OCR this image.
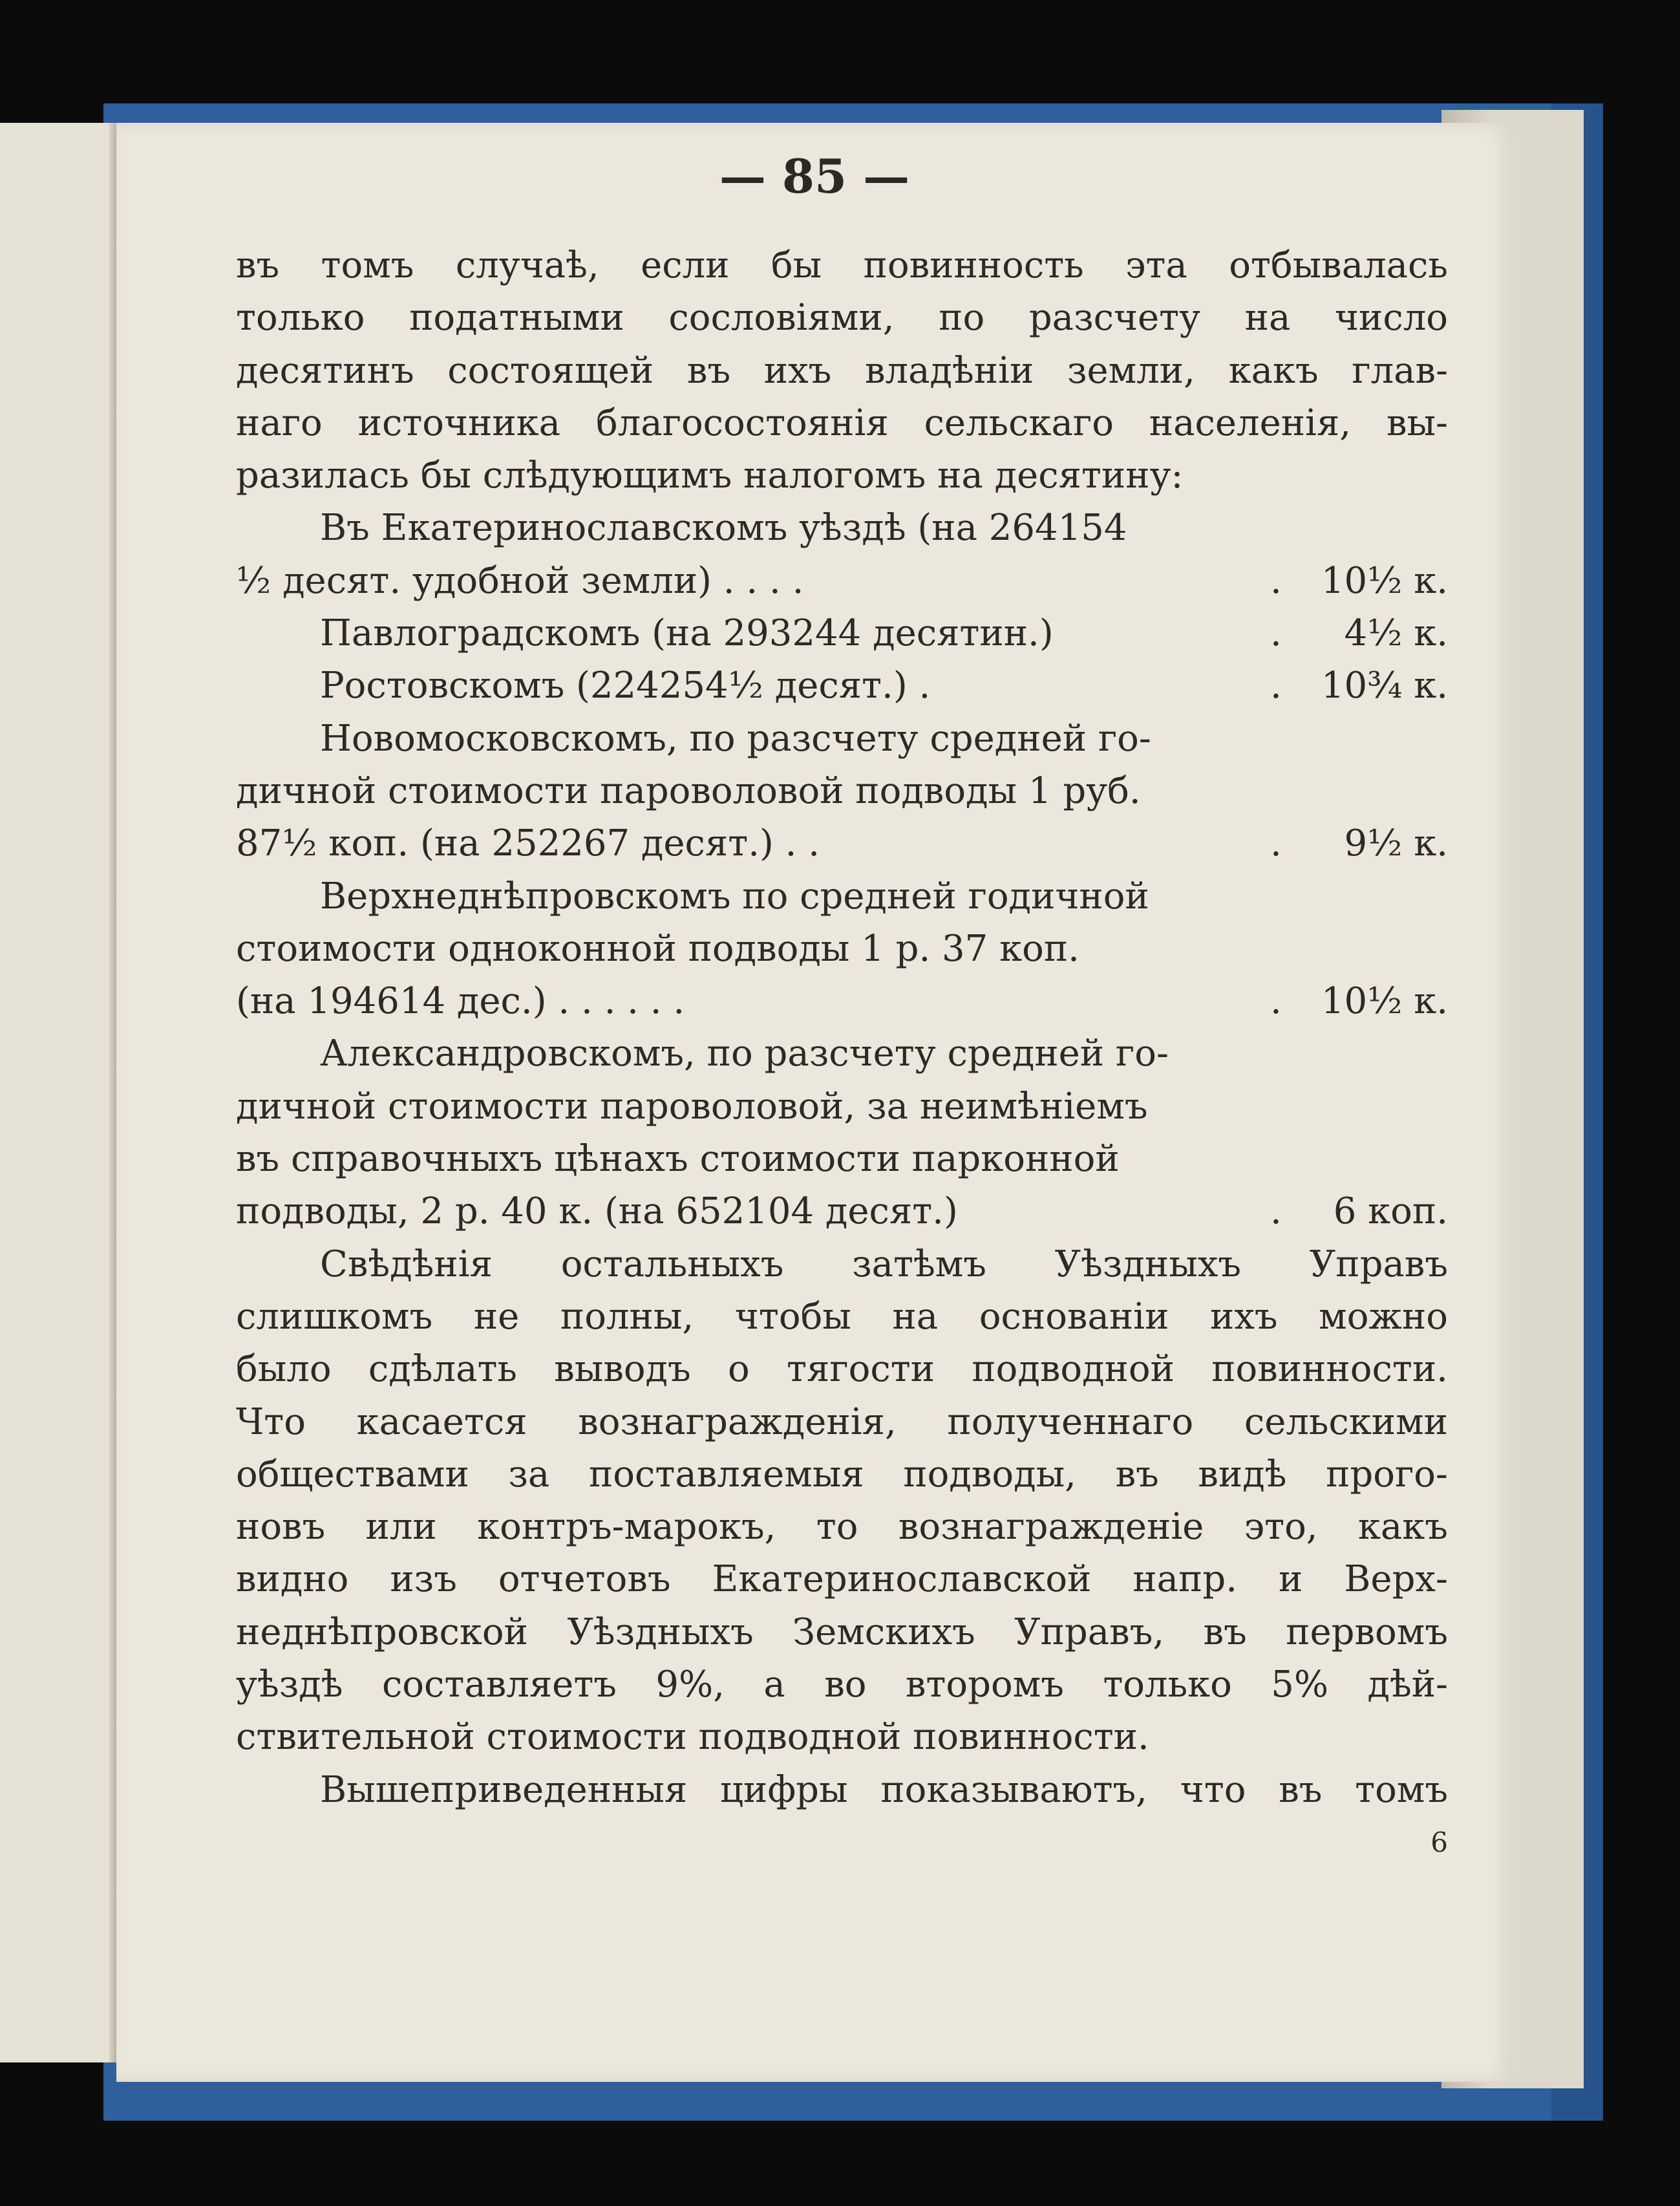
— 85 —
въ томъ случаѣ, если бы повинность эта отбывалась
только податными сословіями, по разсчету на число
десятинъ состоящей въ ихъ владѣніи земли, какъ глав-
наго источника благосостоянія сельскаго населенія, вы-
разилась бы слѣдующимъ налогомъ на десятину:
Въ Екатеринославскомъ уѣздѣ (на 264154
½ десят. удобной земли) . . . .	. 10½ к.
Павлоградскомъ (на 293244 десятин.)	. 4½ к.
Ростовскомъ (224254½ десят.) .	. 10¾ к.
Новомосковскомъ, по разсчету средней го-
дичной стоимости пароволовой подводы 1 руб.
87½ коп. (на 252267 десят.) . .	. 9½ к.
Верхнеднѣпровскомъ по средней годичной
стоимости одноконной подводы 1 р. 37 коп.
(на 194614 дес.) . . . . . .	. 10½ к.
Александровскомъ, по разсчету средней го-
дичной стоимости пароволовой, за неимѣніемъ
въ справочныхъ цѣнахъ стоимости парконной
подводы, 2 р. 40 к. (на 652104 десят.)	. 6 коп.
Свѣдѣнія остальныхъ затѣмъ Уѣздныхъ Управъ
слишкомъ не полны, чтобы на основаніи ихъ можно
было сдѣлать выводъ о тягости подводной повинности.
Что касается вознагражденія, полученнаго сельскими
обществами за поставляемыя подводы, въ видѣ прого-
новъ или контръ-марокъ, то вознагражденіе это, какъ
видно изъ отчетовъ Екатеринославской напр. и Верх-
неднѣпровской Уѣздныхъ Земскихъ Управъ, въ первомъ
уѣздѣ составляетъ 9%, а во второмъ только 5% дѣй-
ствительной стоимости подводной повинности.
Вышеприведенныя цифры показываютъ, что въ томъ
6
